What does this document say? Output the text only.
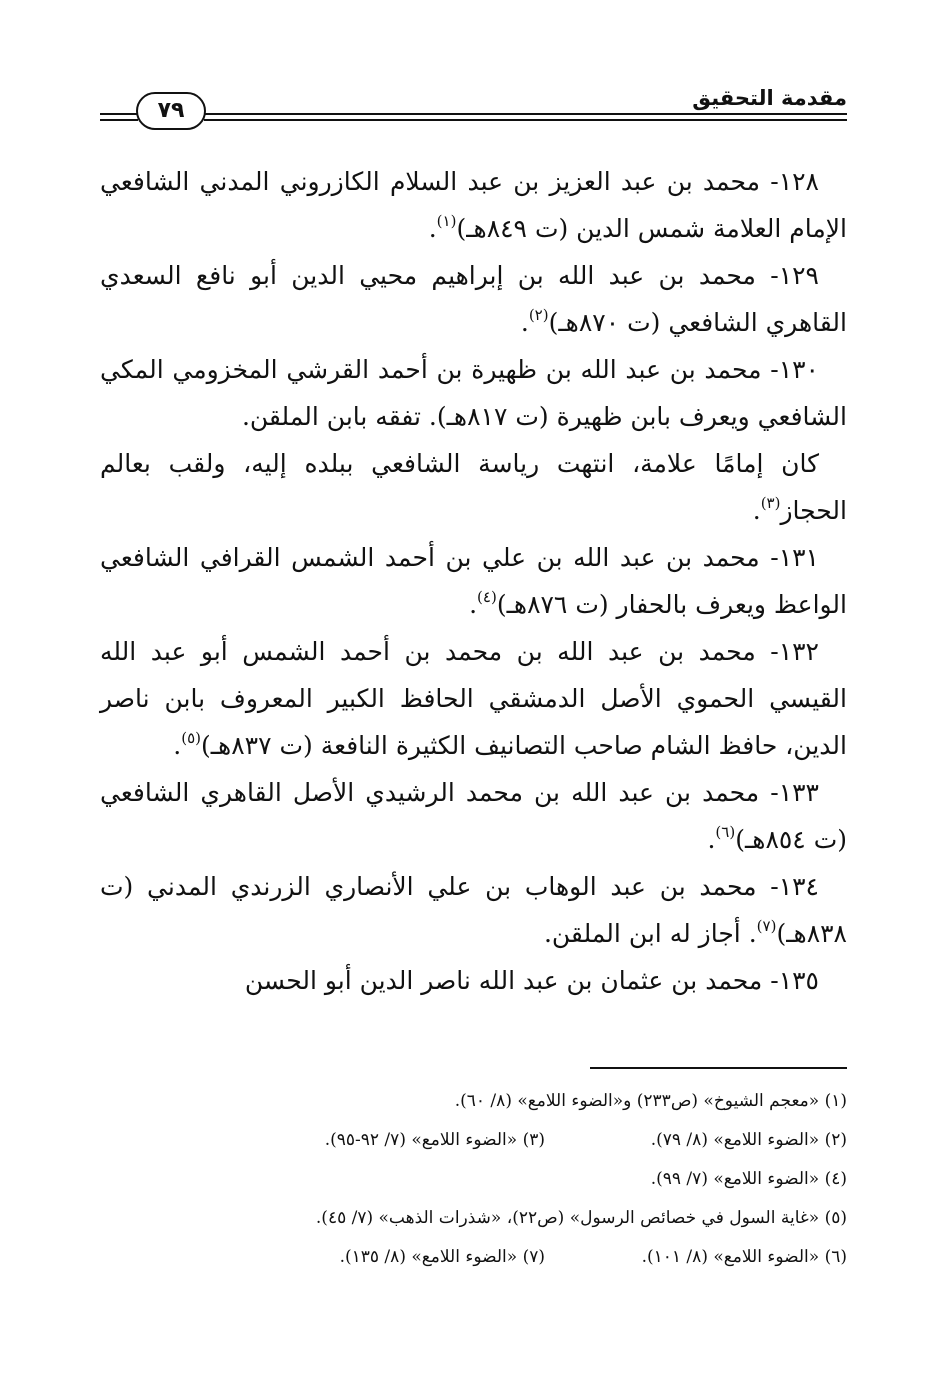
مقدمة التحقيق
٧٩

١٢٨- محمد بن عبد العزيز بن عبد السلام الكازروني المدني الشافعي الإمام العلامة شمس الدين (ت ٨٤٩هـ)$^{(١)}$.

١٢٩- محمد بن عبد الله بن إبراهيم محيي الدين أبو نافع السعدي القاهري الشافعي (ت ٨٧٠هـ)$^{(٢)}$.

١٣٠- محمد بن عبد الله بن ظهيرة بن أحمد القرشي المخزومي المكي الشافعي ويعرف بابن ظهيرة (ت ٨١٧هـ). تفقه بابن الملقن.

كان إمامًا علامة، انتهت رياسة الشافعي ببلده إليه، ولقب بعالم الحجاز$^{(٣)}$.

١٣١- محمد بن عبد الله بن علي بن أحمد الشمس القرافي الشافعي الواعظ ويعرف بالحفار (ت ٨٧٦هـ)$^{(٤)}$.

١٣٢- محمد بن عبد الله بن محمد بن أحمد الشمس أبو عبد الله القيسي الحموي الأصل الدمشقي الحافظ الكبير المعروف بابن ناصر الدين، حافظ الشام صاحب التصانيف الكثيرة النافعة (ت ٨٣٧هـ)$^{(٥)}$.

١٣٣- محمد بن عبد الله بن محمد الرشيدي الأصل القاهري الشافعي (ت ٨٥٤هـ)$^{(٦)}$.

١٣٤- محمد بن عبد الوهاب بن علي الأنصاري الزرندي المدني (ت ٨٣٨هـ)$^{(٧)}$. أجاز له ابن الملقن.

١٣٥- محمد بن عثمان بن عبد الله ناصر الدين أبو الحسن

(١) «معجم الشيوخ» (ص٢٣٣) و«الضوء اللامع» (٨/ ٦٠).
(٢) «الضوء اللامع» (٨/ ٧٩).
(٣) «الضوء اللامع» (٧/ ٩٢-٩٥).
(٤) «الضوء اللامع» (٧/ ٩٩).
(٥) «غاية السول في خصائص الرسول» (ص٢٢)، «شذرات الذهب» (٧/ ٤٥).
(٦) «الضوء اللامع» (٨/ ١٠١).
(٧) «الضوء اللامع» (٨/ ١٣٥).
